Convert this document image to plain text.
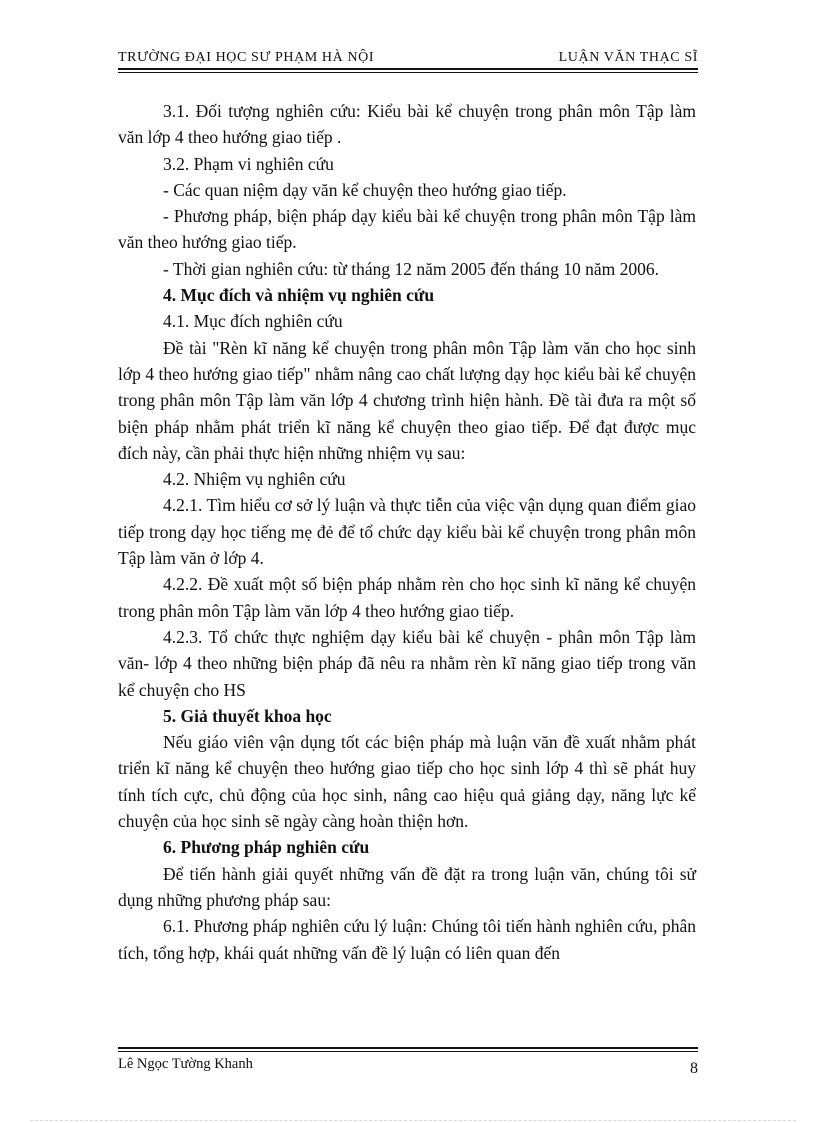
TRƯỜNG ĐẠI HỌC SƯ PHẠM HÀ NỘI	LUẬN VĂN THẠC SĨ

3.1. Đối tượng nghiên cứu: Kiểu bài kể chuyện trong phân môn Tập làm văn lớp 4 theo hướng giao tiếp .

3.2. Phạm vi nghiên cứu

- Các quan niệm dạy văn kể chuyện theo hướng giao tiếp.

- Phương pháp, biện pháp dạy kiểu bài kể chuyện trong phân môn Tập làm văn theo hướng giao tiếp.

- Thời gian nghiên cứu: từ tháng 12 năm 2005 đến tháng 10 năm 2006.

4. Mục đích và nhiệm vụ nghiên cứu

4.1. Mục đích nghiên cứu

Đề tài "Rèn kĩ năng kể chuyện trong phân môn Tập làm văn cho học sinh lớp 4 theo hướng giao tiếp" nhằm nâng cao chất lượng dạy học kiểu bài kể chuyện trong phân môn Tập làm văn lớp 4 chương trình hiện hành. Đề tài đưa ra một số biện pháp nhằm phát triển kĩ năng kể chuyện theo giao tiếp. Để đạt được mục đích này, cần phải thực hiện những nhiệm vụ sau:

4.2. Nhiệm vụ nghiên cứu

4.2.1. Tìm hiểu cơ sở lý luận và thực tiễn của việc vận dụng quan điểm giao tiếp trong dạy học tiếng mẹ đẻ để tổ chức dạy kiểu bài kể chuyện trong phân môn Tập làm văn ở lớp 4.

4.2.2. Đề xuất một số biện pháp nhằm rèn cho học sinh kĩ năng kể chuyện trong phân môn Tập làm văn lớp 4 theo hướng giao tiếp.

4.2.3. Tổ chức thực nghiệm dạy kiểu bài kể chuyện - phân môn Tập làm văn- lớp 4 theo những biện pháp đã nêu ra nhằm rèn kĩ năng giao tiếp trong văn kể chuyện cho HS

5. Giả thuyết khoa học

Nếu giáo viên vận dụng tốt các biện pháp mà luận văn đề xuất nhằm phát triển kĩ năng kể chuyện theo hướng giao tiếp cho học sinh lớp 4 thì sẽ phát huy tính tích cực, chủ động của học sinh, nâng cao hiệu quả giảng dạy, năng lực kể chuyện của học sinh sẽ ngày càng hoàn thiện hơn.

6. Phương pháp nghiên cứu

Để tiến hành giải quyết những vấn đề đặt ra trong luận văn, chúng tôi sử dụng những phương pháp sau:

6.1. Phương pháp nghiên cứu lý luận: Chúng tôi tiến hành nghiên cứu, phân tích, tổng hợp, khái quát những vấn đề lý luận có liên quan đến

Lê Ngọc Tường Khanh	8
